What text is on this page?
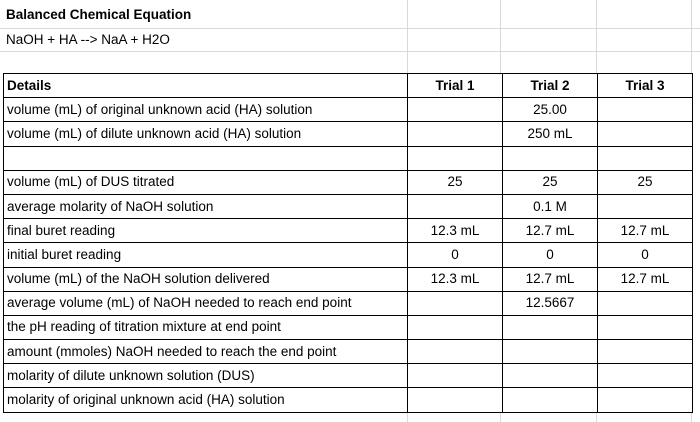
Balanced Chemical Equation
NaOH + HA --> NaA + H2O
Details	Trial 1	Trial 2	Trial 3
volume (mL) of original unknown acid (HA) solution		25.00	
volume (mL) of dilute unknown acid (HA) solution		250 mL	

volume (mL) of DUS titrated	25	25	25
average molarity of NaOH solution		0.1 M	
final buret reading	12.3 mL	12.7 mL	12.7 mL
initial buret reading	0	0	0
volume (mL) of the NaOH solution delivered	12.3 mL	12.7 mL	12.7 mL
average volume (mL) of NaOH needed to reach end point		12.5667	
the pH reading of titration mixture at end point			
amount (mmoles) NaOH needed to reach the end point			
molarity of dilute unknown solution (DUS)			
molarity of original unknown acid (HA) solution			
